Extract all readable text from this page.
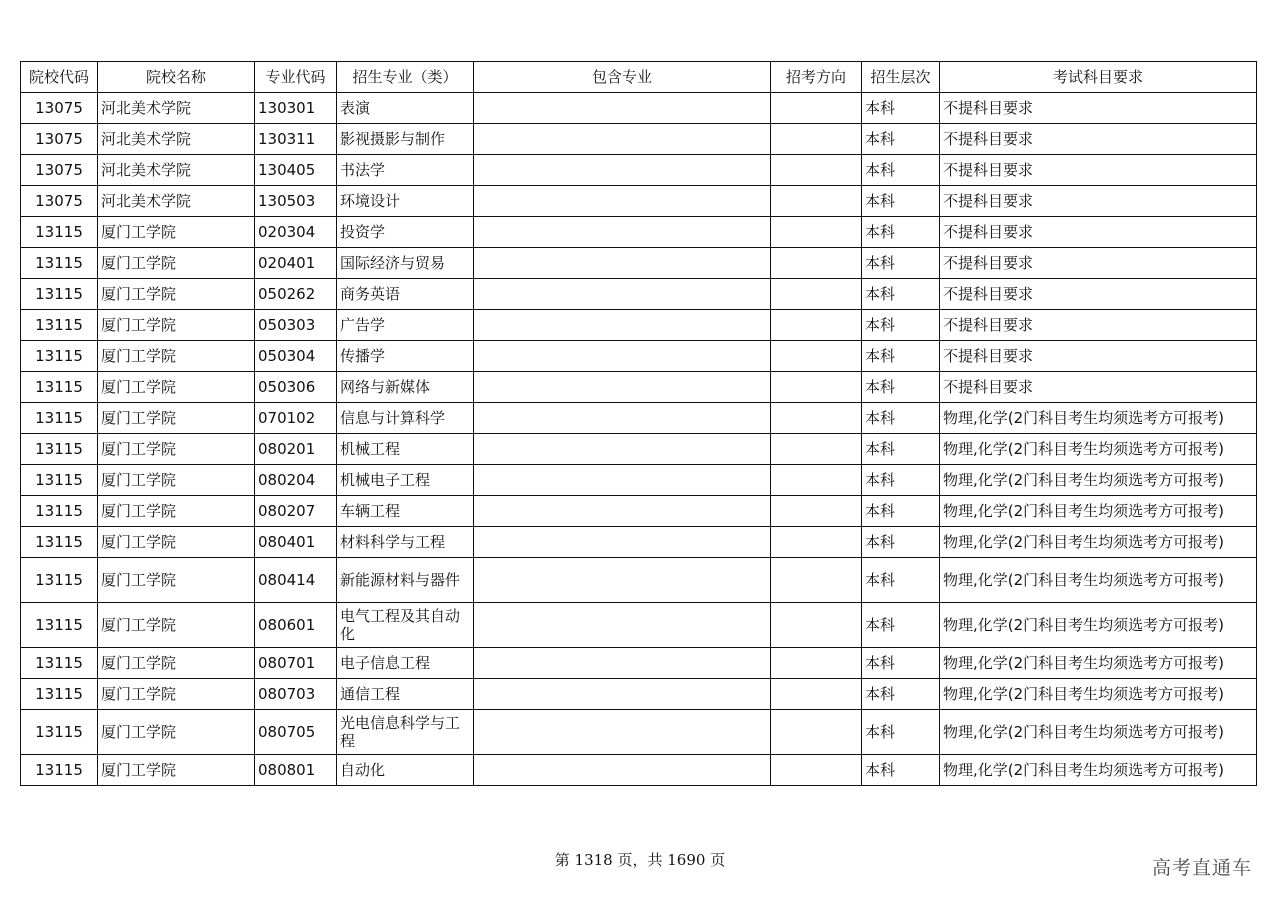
院校代码	院校名称	专业代码	招生专业（类）	包含专业	招考方向	招生层次	考试科目要求
13075	河北美术学院	130301	表演			本科	不提科目要求
13075	河北美术学院	130311	影视摄影与制作			本科	不提科目要求
13075	河北美术学院	130405	书法学			本科	不提科目要求
13075	河北美术学院	130503	环境设计			本科	不提科目要求
13115	厦门工学院	020304	投资学			本科	不提科目要求
13115	厦门工学院	020401	国际经济与贸易			本科	不提科目要求
13115	厦门工学院	050262	商务英语			本科	不提科目要求
13115	厦门工学院	050303	广告学			本科	不提科目要求
13115	厦门工学院	050304	传播学			本科	不提科目要求
13115	厦门工学院	050306	网络与新媒体			本科	不提科目要求
13115	厦门工学院	070102	信息与计算科学			本科	物理,化学(2门科目考生均须选考方可报考)
13115	厦门工学院	080201	机械工程			本科	物理,化学(2门科目考生均须选考方可报考)
13115	厦门工学院	080204	机械电子工程			本科	物理,化学(2门科目考生均须选考方可报考)
13115	厦门工学院	080207	车辆工程			本科	物理,化学(2门科目考生均须选考方可报考)
13115	厦门工学院	080401	材料科学与工程			本科	物理,化学(2门科目考生均须选考方可报考)
13115	厦门工学院	080414	新能源材料与器件			本科	物理,化学(2门科目考生均须选考方可报考)
13115	厦门工学院	080601	电气工程及其自动化			本科	物理,化学(2门科目考生均须选考方可报考)
13115	厦门工学院	080701	电子信息工程			本科	物理,化学(2门科目考生均须选考方可报考)
13115	厦门工学院	080703	通信工程			本科	物理,化学(2门科目考生均须选考方可报考)
13115	厦门工学院	080705	光电信息科学与工程			本科	物理,化学(2门科目考生均须选考方可报考)
13115	厦门工学院	080801	自动化			本科	物理,化学(2门科目考生均须选考方可报考)
第 1318 页，共 1690 页	高考直通车
